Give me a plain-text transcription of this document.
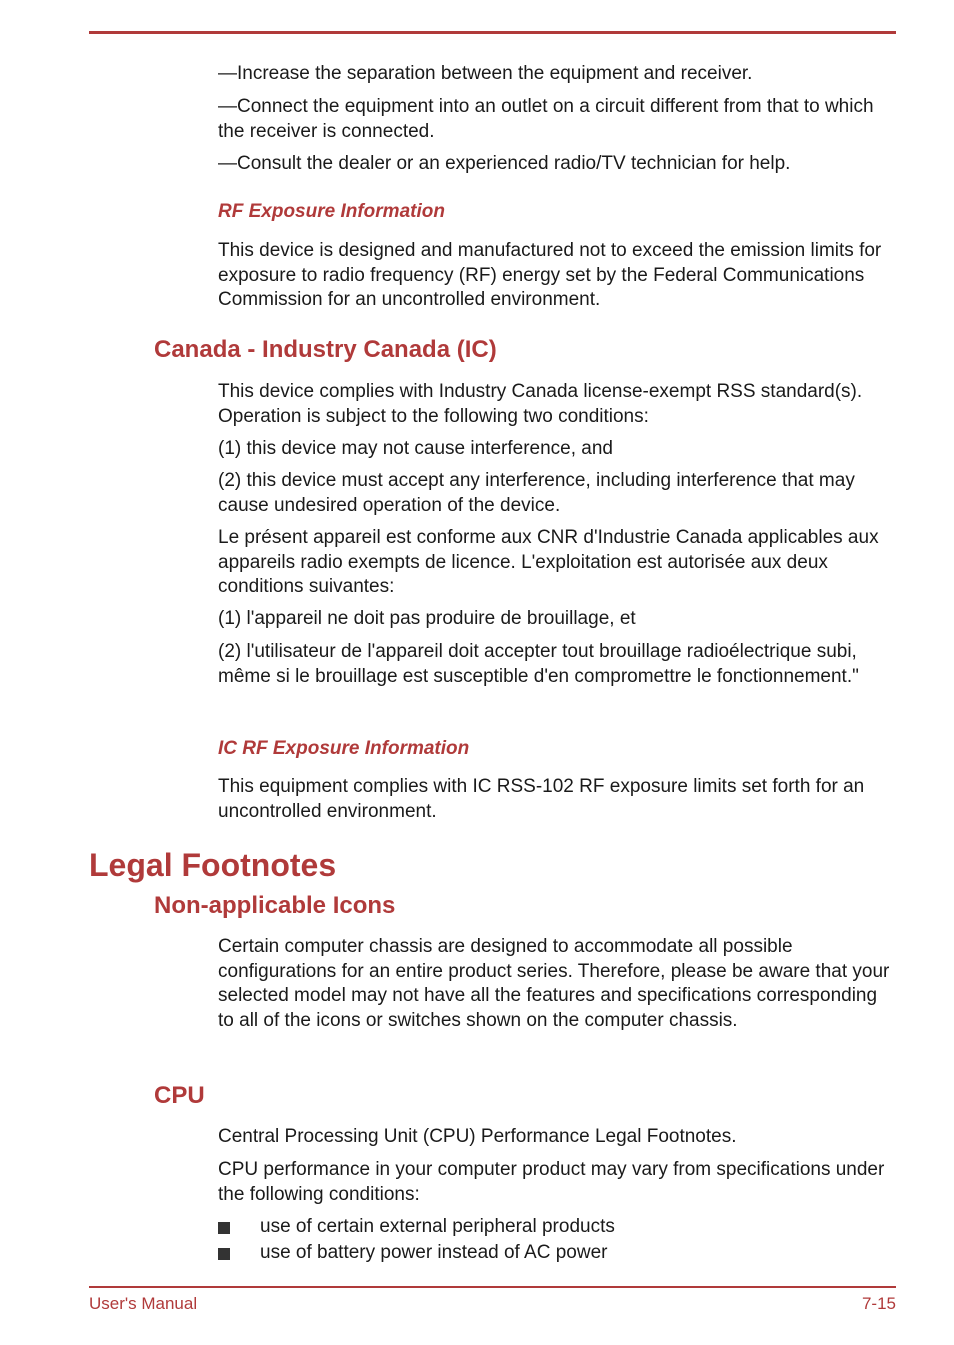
—Increase the separation between the equipment and receiver.

—Connect the equipment into an outlet on a circuit different from that to which the receiver is connected.

—Consult the dealer or an experienced radio/TV technician for help.

RF Exposure Information

This device is designed and manufactured not to exceed the emission limits for exposure to radio frequency (RF) energy set by the Federal Communications Commission for an uncontrolled environment.

Canada - Industry Canada (IC)

This device complies with Industry Canada license-exempt RSS standard(s). Operation is subject to the following two conditions:

(1) this device may not cause interference, and

(2) this device must accept any interference, including interference that may cause undesired operation of the device.

Le présent appareil est conforme aux CNR d'Industrie Canada applicables aux appareils radio exempts de licence. L'exploitation est autorisée aux deux conditions suivantes:

(1) l'appareil ne doit pas produire de brouillage, et

(2) l'utilisateur de l'appareil doit accepter tout brouillage radioélectrique subi, même si le brouillage est susceptible d'en compromettre le fonctionnement."

IC RF Exposure Information

This equipment complies with IC RSS-102 RF exposure limits set forth for an uncontrolled environment.

Legal Footnotes
Non-applicable Icons

Certain computer chassis are designed to accommodate all possible configurations for an entire product series. Therefore, please be aware that your selected model may not have all the features and specifications corresponding to all of the icons or switches shown on the computer chassis.

CPU

Central Processing Unit (CPU) Performance Legal Footnotes.

CPU performance in your computer product may vary from specifications under the following conditions:

use of certain external peripheral products
use of battery power instead of AC power
User's Manual	7-15
